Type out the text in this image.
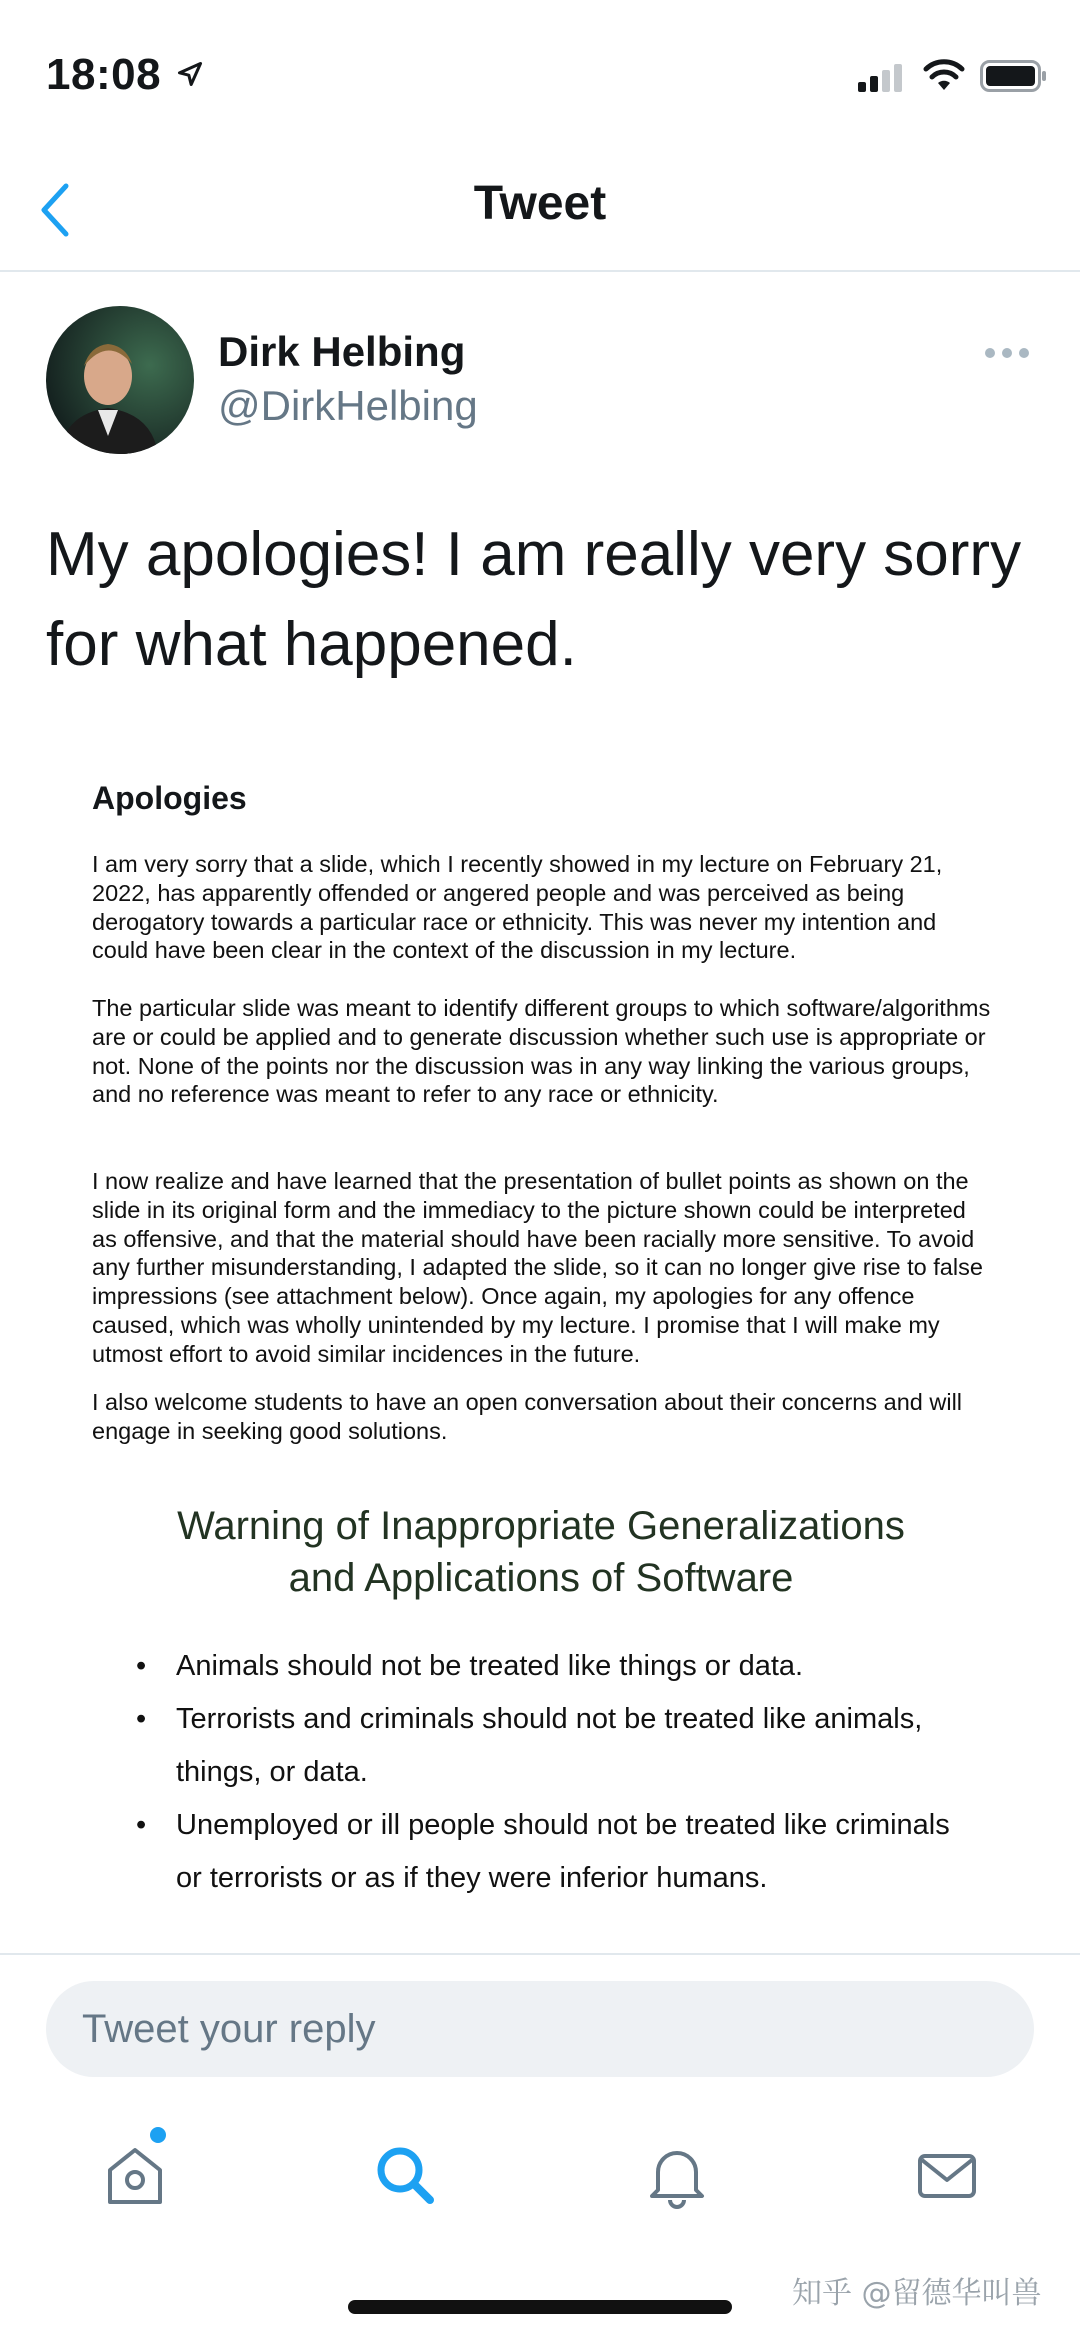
18:08
Tweet
Dirk Helbing
@DirkHelbing
My apologies! I am really very sorry for what happened.
Apologies
I am very sorry that a slide, which I recently showed in my lecture on February 21, 2022, has apparently offended or angered people and was perceived as being derogatory towards a particular race or ethnicity. This was never my intention and could have been clear in the context of the discussion in my lecture.
The particular slide was meant to identify different groups to which software/algorithms are or could be applied and to generate discussion whether such use is appropriate or not. None of the points nor the discussion was in any way linking the various groups, and no reference was meant to refer to any race or ethnicity.
I now realize and have learned that the presentation of bullet points as shown on the slide in its original form and the immediacy to the picture shown could be interpreted as offensive, and that the material should have been racially more sensitive. To avoid any further misunderstanding, I adapted the slide, so it can no longer give rise to false impressions (see attachment below). Once again, my apologies for any offence caused, which was wholly unintended by my lecture. I promise that I will make my utmost effort to avoid similar incidences in the future.
I also welcome students to have an open conversation about their concerns and will engage in seeking good solutions.
Warning of Inappropriate Generalizations
and Applications of Software
• Animals should not be treated like things or data.
• Terrorists and criminals should not be treated like animals, things, or data.
• Unemployed or ill people should not be treated like criminals or terrorists or as if they were inferior humans.
Tweet your reply
知乎 @留德华叫兽
